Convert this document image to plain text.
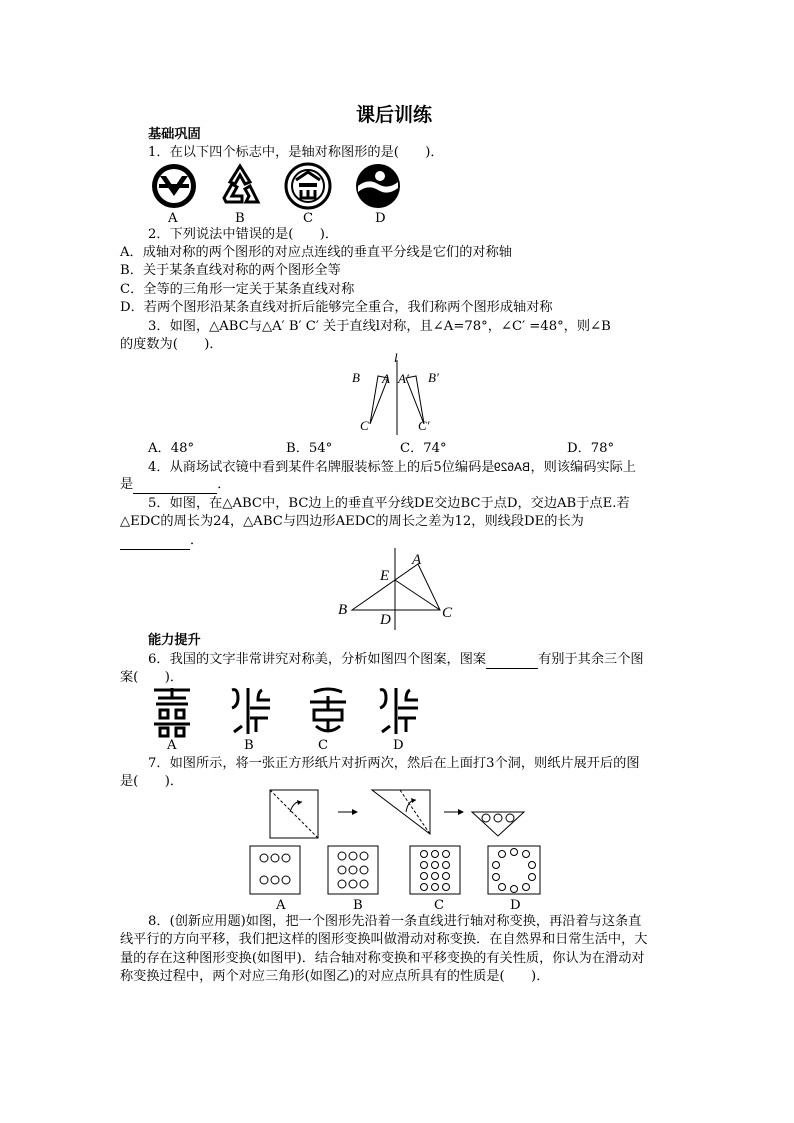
课后训练
基础巩固
1．在以下四个标志中，是轴对称图形的是(　　)．
A	B	C	D
2．下列说法中错误的是(　　)．
A．成轴对称的两个图形的对应点连线的垂直平分线是它们的对称轴
B．关于某条直线对称的两个图形全等
C．全等的三角形一定关于某条直线对称
D．若两个图形沿某条直线对折后能够完全重合，我们称两个图形成轴对称
3．如图，△ABC与△A′ B′ C′ 关于直线l对称，且∠A=78°，∠C′ =48°，则∠B
的度数为(　　)．
l
B A A′ B′
C	C′
A．48°	B．54°	C．74°	D．78°
4．从商场试衣镜中看到某件名牌服装标签上的后5位编码是BA629，则该编码实际上
是	．
5．如图，在△ABC中，BC边上的垂直平分线DE交边BC于点D，交边AB于点E.若
△EDC的周长为24，△ABC与四边形AEDC的周长之差为12，则线段DE的长为
．
A
E
B	C
D
能力提升
6．我国的文字非常讲究对称美，分析如图四个图案，图案	有别于其余三个图
案(　　)．
A	B	C	D
7．如图所示，将一张正方形纸片对折两次，然后在上面打3个洞，则纸片展开后的图
是(　　)．
A	B	C	D
8．(创新应用题)如图，把一个图形先沿着一条直线进行轴对称变换，再沿着与这条直
线平行的方向平移，我们把这样的图形变换叫做滑动对称变换．在自然界和日常生活中，大
量的存在这种图形变换(如图甲)．结合轴对称变换和平移变换的有关性质，你认为在滑动对
称变换过程中，两个对应三角形(如图乙)的对应点所具有的性质是(　　)．
